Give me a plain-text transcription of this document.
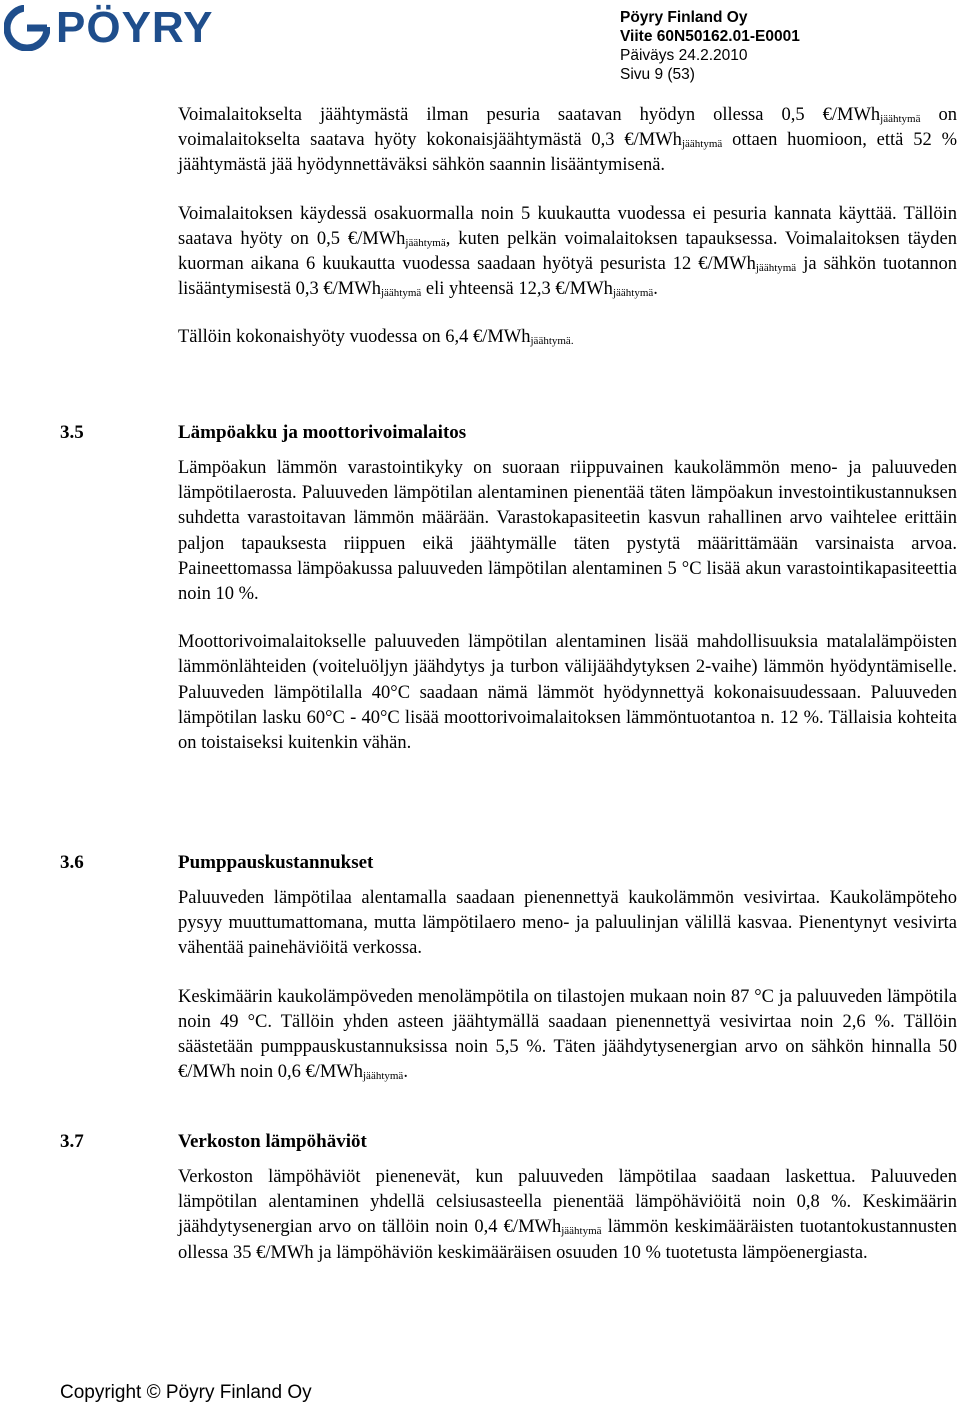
PÖYRY	Pöyry Finland Oy
Viite 60N50162.01-E0001
Päiväys 24.2.2010
Sivu 9 (53)

Voimalaitokselta jäähtymästä ilman pesuria saatavan hyödyn ollessa 0,5 €/MWh$_{jäähtymä}$ on voimalaitokselta saatava hyöty kokonaisjäähtymästä 0,3 €/MWh$_{jäähtymä}$ ottaen huomioon, että 52 % jäähtymästä jää hyödynnettäväksi sähkön saannin lisääntymisenä.

Voimalaitoksen käydessä osakuormalla noin 5 kuukautta vuodessa ei pesuria kannata käyttää. Tällöin saatava hyöty on 0,5 €/MWh$_{jäähtymä}$, kuten pelkän voimalaitoksen tapauksessa. Voimalaitoksen täyden kuorman aikana 6 kuukautta vuodessa saadaan hyötyä pesurista 12 €/MWh$_{jäähtymä}$ ja sähkön tuotannon lisääntymisestä 0,3 €/MWh$_{jäähtymä}$ eli yhteensä 12,3 €/MWh$_{jäähtymä}$.

Tällöin kokonaishyöty vuodessa on 6,4 €/MWh$_{jäähtymä.}$

3.5	Lämpöakku ja moottorivoimalaitos

Lämpöakun lämmön varastointikyky on suoraan riippuvainen kaukolämmön meno- ja paluuveden lämpötilaerosta. Paluuveden lämpötilan alentaminen pienentää täten lämpöakun investointikustannuksen suhdetta varastoitavan lämmön määrään. Varastokapasiteetin kasvun rahallinen arvo vaihtelee erittäin paljon tapauksesta riippuen eikä jäähtymälle täten pystytä määrittämään varsinaista arvoa. Paineettomassa lämpöakussa paluuveden lämpötilan alentaminen 5 °C lisää akun varastointikapasiteettia noin 10 %.

Moottorivoimalaitokselle paluuveden lämpötilan alentaminen lisää mahdollisuuksia matalalämpöisten lämmönlähteiden (voiteluöljyn jäähdytys ja turbon välijäähdytyksen 2-vaihe) lämmön hyödyntämiselle. Paluuveden lämpötilalla 40°C saadaan nämä lämmöt hyödynnettyä kokonaisuudessaan. Paluuveden lämpötilan lasku 60°C - 40°C lisää moottorivoimalaitoksen lämmöntuotantoa n. 12 %. Tällaisia kohteita on toistaiseksi kuitenkin vähän.

3.6	Pumppauskustannukset

Paluuveden lämpötilaa alentamalla saadaan pienennettyä kaukolämmön vesivirtaa. Kaukolämpöteho pysyy muuttumattomana, mutta lämpötilaero meno- ja paluulinjan välillä kasvaa. Pienentynyt vesivirta vähentää painehäviöitä verkossa.

Keskimäärin kaukolämpöveden menolämpötila on tilastojen mukaan noin 87 °C ja paluuveden lämpötila noin 49 °C. Tällöin yhden asteen jäähtymällä saadaan pienennettyä vesivirtaa noin 2,6 %. Tällöin säästetään pumppauskustannuksissa noin 5,5 %. Täten jäähdytysenergian arvo on sähkön hinnalla 50 €/MWh noin 0,6 €/MWh$_{jäähtymä}$.

3.7	Verkoston lämpöhäviöt

Verkoston lämpöhäviöt pienenevät, kun paluuveden lämpötilaa saadaan laskettua. Paluuveden lämpötilan alentaminen yhdellä celsiusasteella pienentää lämpöhäviöitä noin 0,8 %. Keskimäärin jäähdytysenergian arvo on tällöin noin 0,4 €/MWh$_{jäähtymä}$ lämmön keskimääräisten tuotantokustannusten ollessa 35 €/MWh ja lämpöhäviön keskimääräisen osuuden 10 % tuotetusta lämpöenergiasta.

Copyright © Pöyry Finland Oy
